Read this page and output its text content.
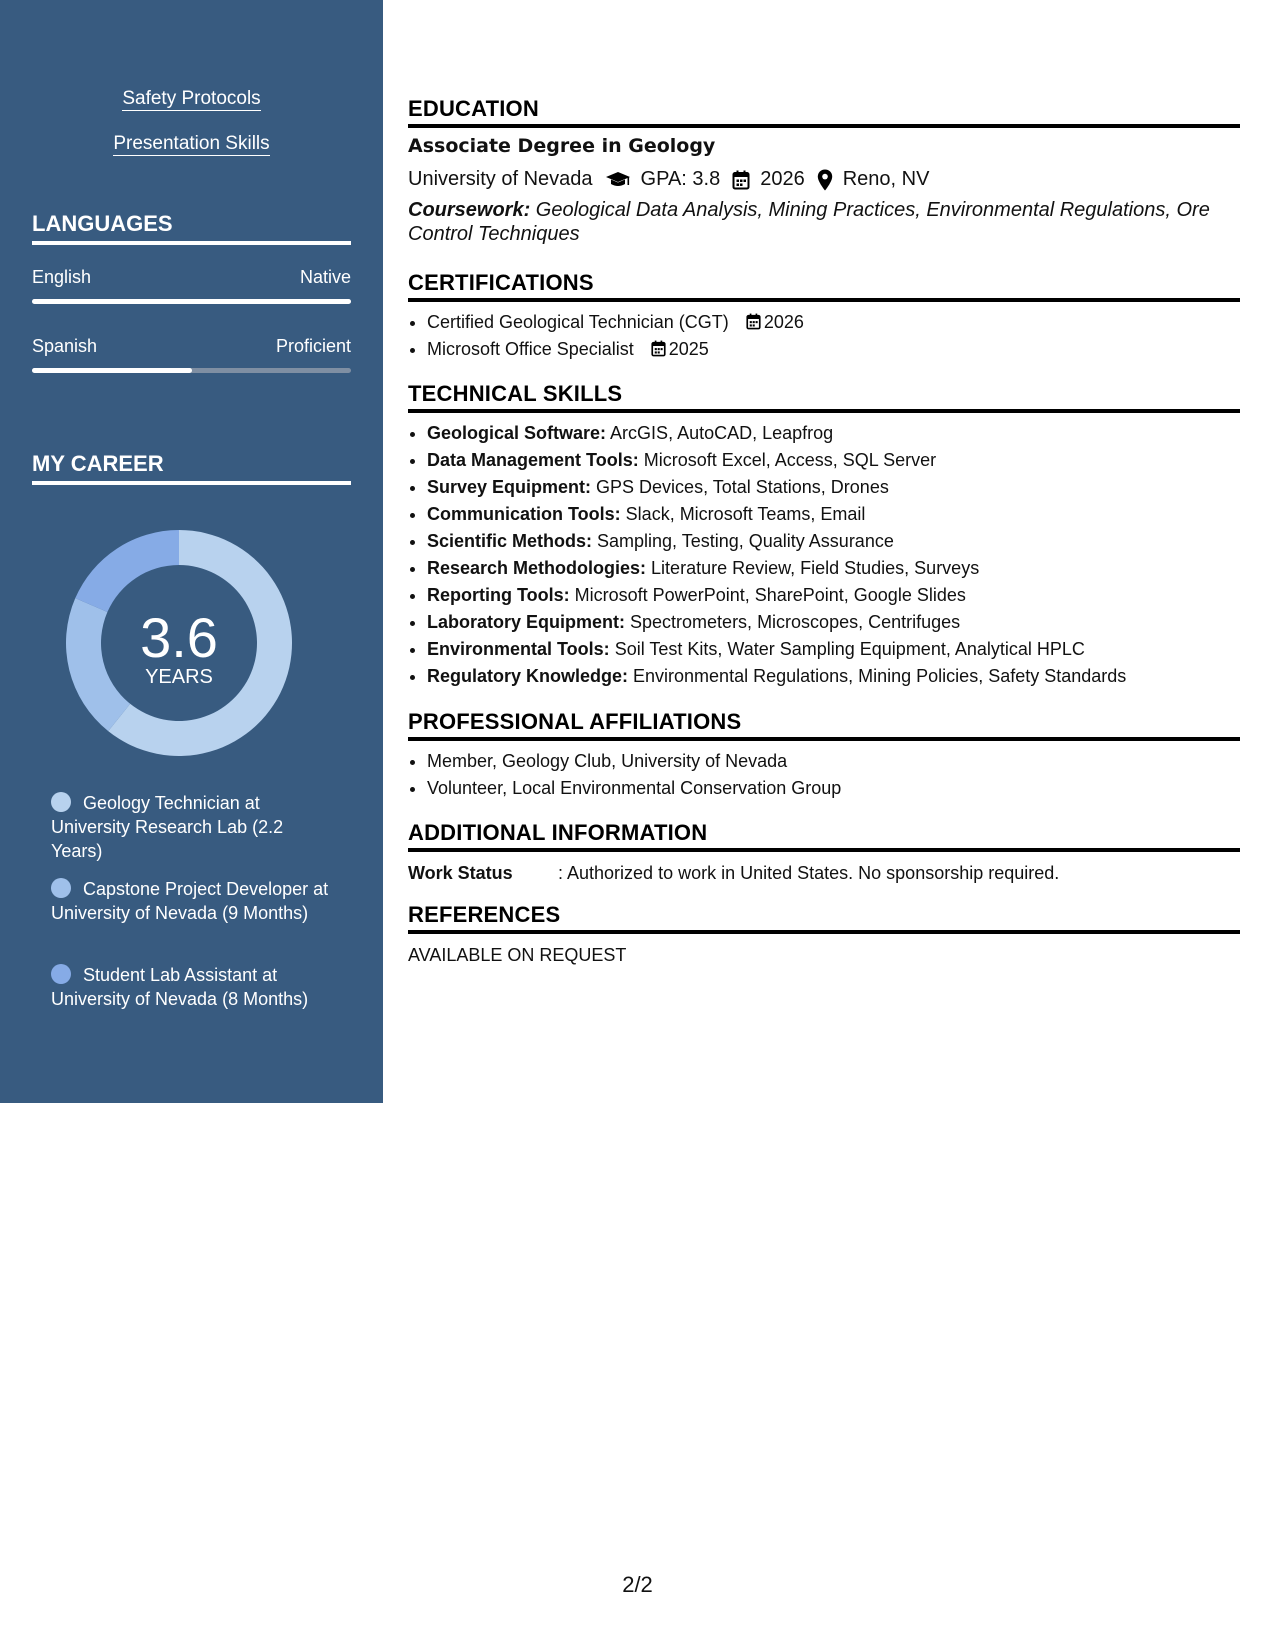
Safety Protocols
Presentation Skills
LANGUAGES
English	Native
Spanish	Proficient
MY CAREER
3.6
YEARS
Geology Technician at University Research Lab (2.2 Years)
Capstone Project Developer at University of Nevada (9 Months)
Student Lab Assistant at University of Nevada (8 Months)
EDUCATION
Associate Degree in Geology
University of Nevada GPA: 3.8 2026 Reno, NV
Coursework: Geological Data Analysis, Mining Practices, Environmental Regulations, Ore Control Techniques
CERTIFICATIONS
• Certified Geological Technician (CGT) 2026
• Microsoft Office Specialist 2025
TECHNICAL SKILLS
• Geological Software: ArcGIS, AutoCAD, Leapfrog
• Data Management Tools: Microsoft Excel, Access, SQL Server
• Survey Equipment: GPS Devices, Total Stations, Drones
• Communication Tools: Slack, Microsoft Teams, Email
• Scientific Methods: Sampling, Testing, Quality Assurance
• Research Methodologies: Literature Review, Field Studies, Surveys
• Reporting Tools: Microsoft PowerPoint, SharePoint, Google Slides
• Laboratory Equipment: Spectrometers, Microscopes, Centrifuges
• Environmental Tools: Soil Test Kits, Water Sampling Equipment, Analytical HPLC
• Regulatory Knowledge: Environmental Regulations, Mining Policies, Safety Standards
PROFESSIONAL AFFILIATIONS
• Member, Geology Club, University of Nevada
• Volunteer, Local Environmental Conservation Group
ADDITIONAL INFORMATION
Work Status	: Authorized to work in United States. No sponsorship required.
REFERENCES
AVAILABLE ON REQUEST
2/2
